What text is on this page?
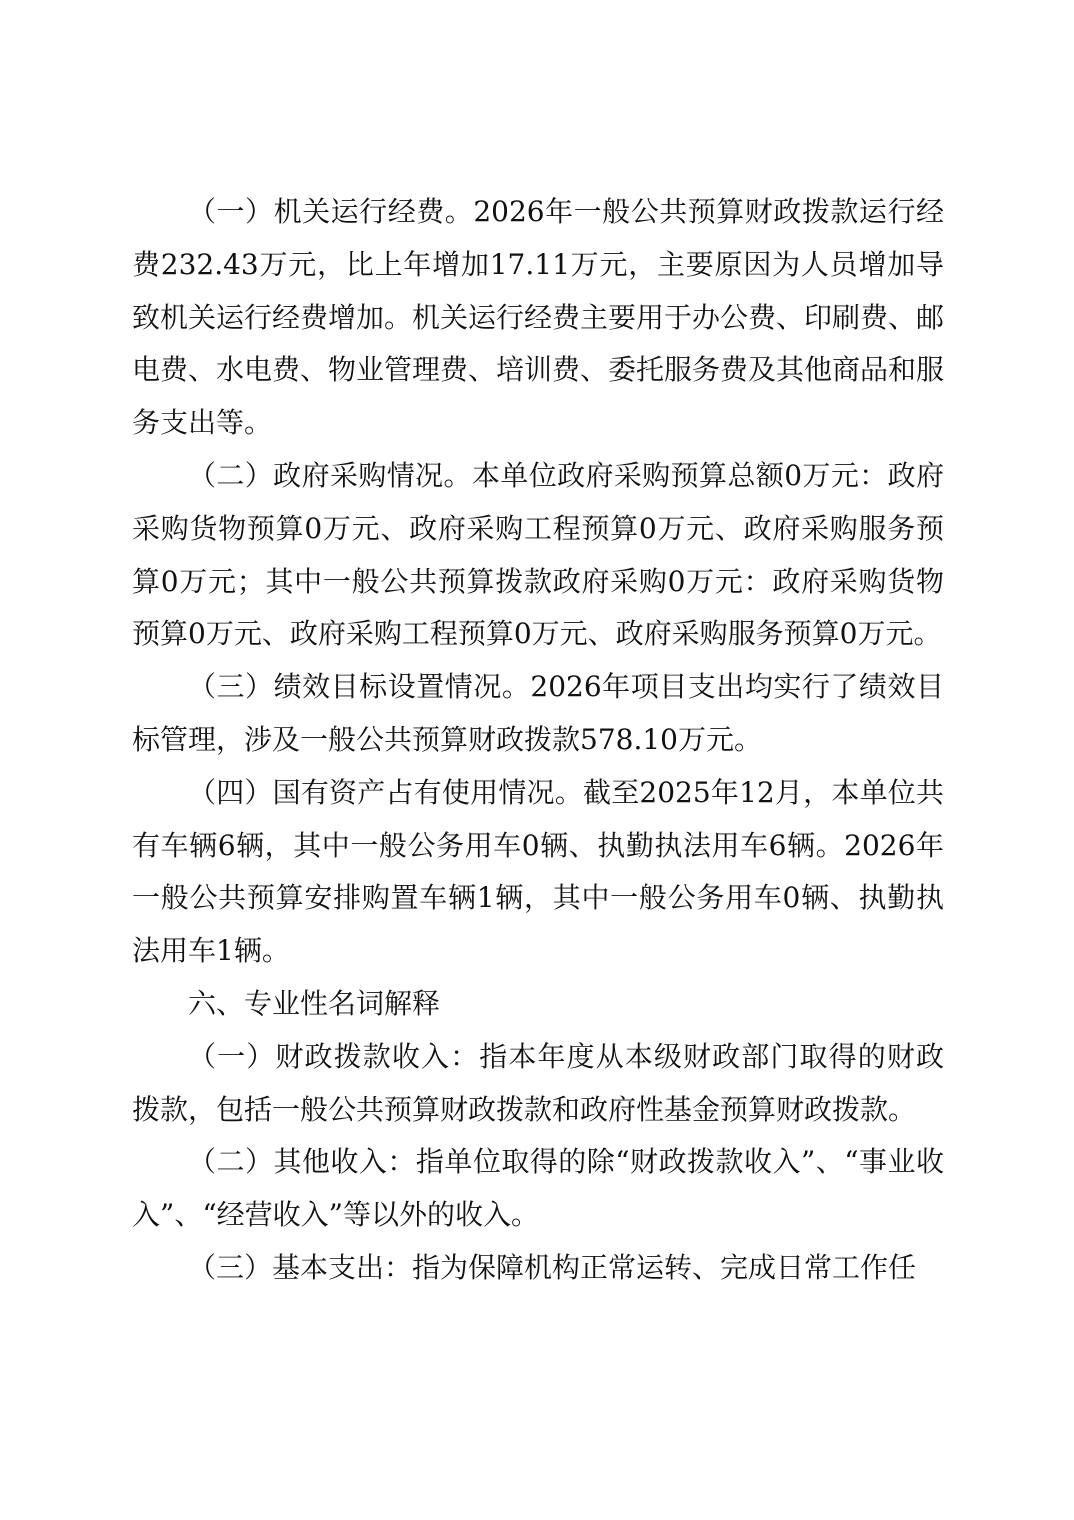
（一）机关运行经费。2026年一般公共预算财政拨款运行经费232.43万元，比上年增加17.11万元，主要原因为人员增加导致机关运行经费增加。机关运行经费主要用于办公费、印刷费、邮电费、水电费、物业管理费、培训费、委托服务费及其他商品和服务支出等。

（二）政府采购情况。本单位政府采购预算总额0万元：政府采购货物预算0万元、政府采购工程预算0万元、政府采购服务预算0万元；其中一般公共预算拨款政府采购0万元：政府采购货物预算0万元、政府采购工程预算0万元、政府采购服务预算0万元。

（三）绩效目标设置情况。2026年项目支出均实行了绩效目标管理，涉及一般公共预算财政拨款578.10万元。

（四）国有资产占有使用情况。截至2025年12月，本单位共有车辆6辆，其中一般公务用车0辆、执勤执法用车6辆。2026年一般公共预算安排购置车辆1辆，其中一般公务用车0辆、执勤执法用车1辆。

六、专业性名词解释

（一）财政拨款收入：指本年度从本级财政部门取得的财政拨款，包括一般公共预算财政拨款和政府性基金预算财政拨款。

（二）其他收入：指单位取得的除“财政拨款收入”、“事业收入”、“经营收入”等以外的收入。

（三）基本支出：指为保障机构正常运转、完成日常工作任
